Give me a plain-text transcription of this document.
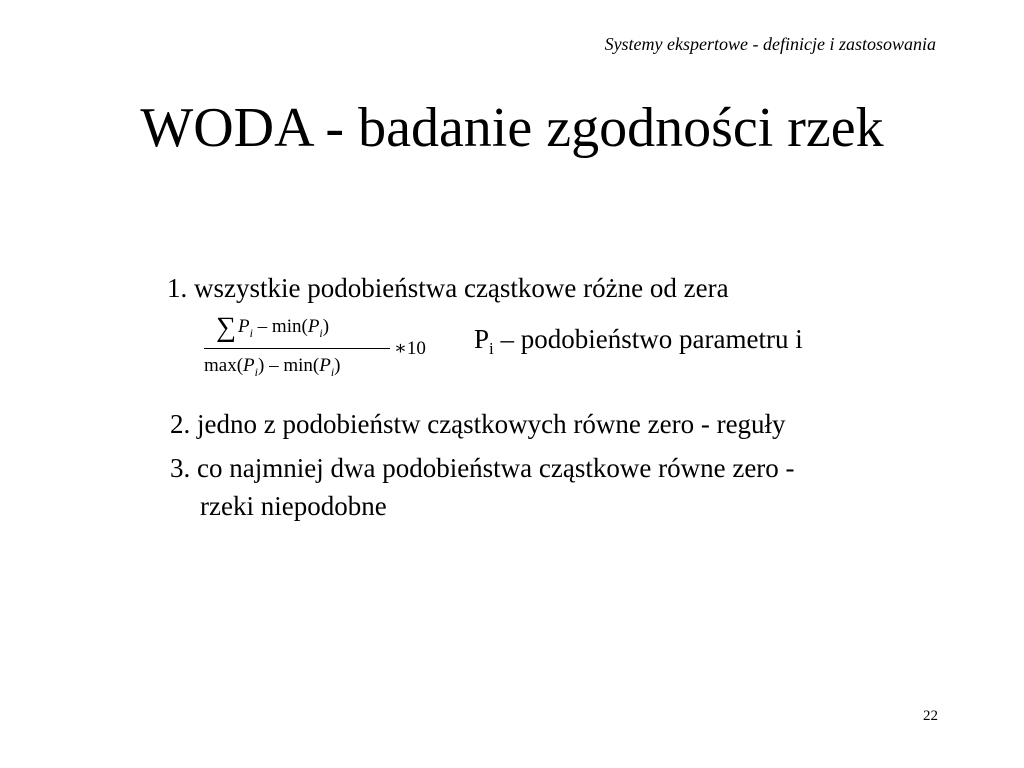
Systemy ekspertowe - definicje i zastosowania
WODA - badanie zgodności rzek
1. wszystkie podobieństwa cząstkowe różne od zera
∑ $P_i - \min(P_i)$
$\max(P_i) - \min(P_i)$
∗10 $P_i$ – podobieństwo parametru i
2. jedno z podobieństw cząstkowych równe zero - reguły
3. co najmniej dwa podobieństwa cząstkowe równe zero -
rzeki niepodobne
22
